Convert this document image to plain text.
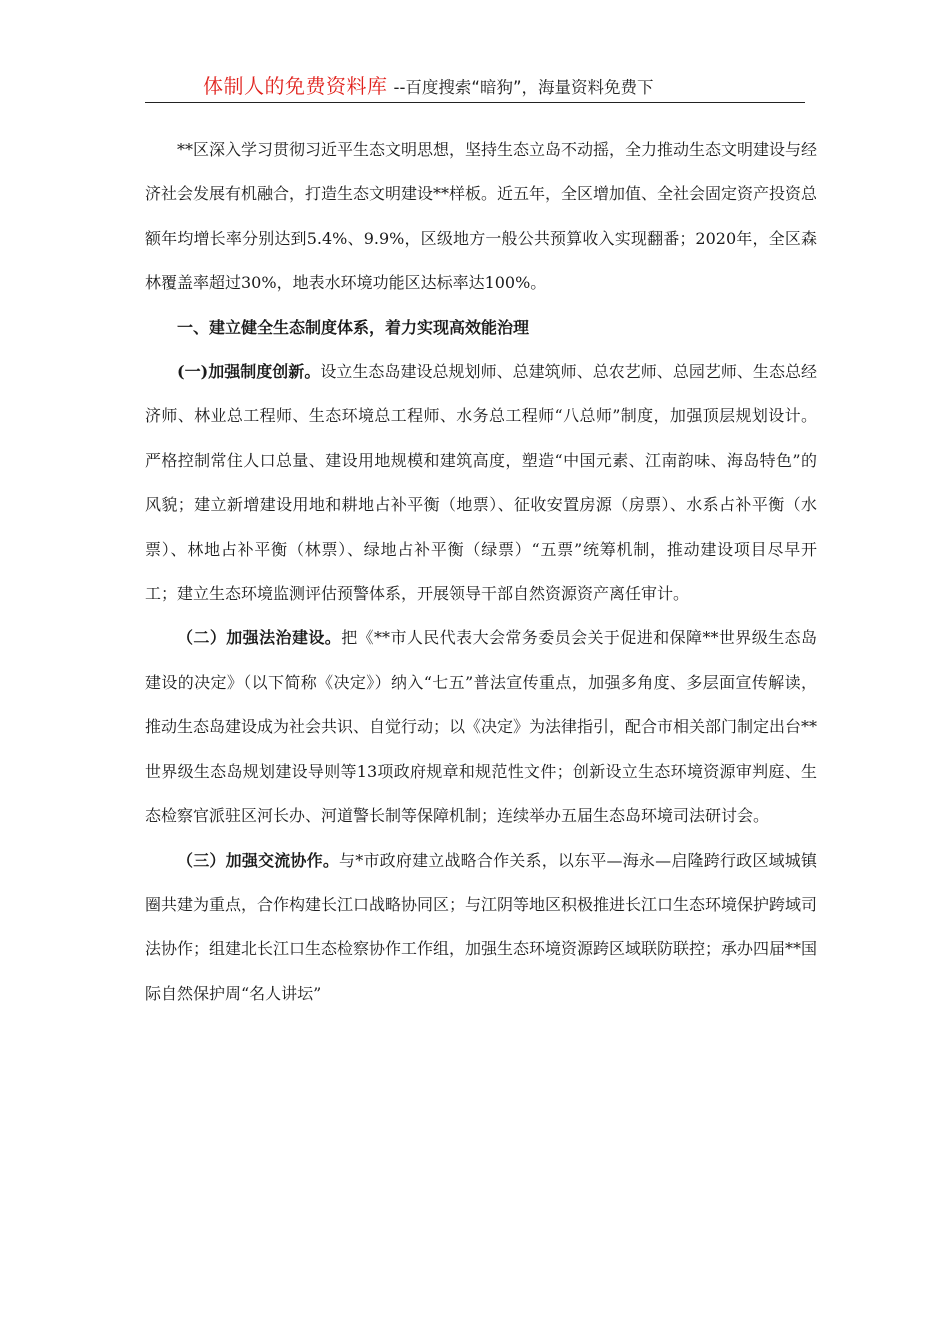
体制人的免费资料库 --百度搜索“暗狗”，海量资料免费下

**区深入学习贯彻习近平生态文明思想，坚持生态立岛不动摇，全力推动生态文明建设与经济社会发展有机融合，打造生态文明建设**样板。近五年，全区增加值、全社会固定资产投资总额年均增长率分别达到5.4%、9.9%，区级地方一般公共预算收入实现翻番；2020年，全区森林覆盖率超过30%，地表水环境功能区达标率达100%。

一、建立健全生态制度体系，着力实现高效能治理

(一)加强制度创新。设立生态岛建设总规划师、总建筑师、总农艺师、总园艺师、生态总经济师、林业总工程师、生态环境总工程师、水务总工程师“八总师”制度，加强顶层规划设计。严格控制常住人口总量、建设用地规模和建筑高度，塑造“中国元素、江南韵味、海岛特色”的风貌；建立新增建设用地和耕地占补平衡（地票）、征收安置房源（房票）、水系占补平衡（水票）、林地占补平衡（林票）、绿地占补平衡（绿票）“五票”统筹机制，推动建设项目尽早开工；建立生态环境监测评估预警体系，开展领导干部自然资源资产离任审计。

（二）加强法治建设。把《**市人民代表大会常务委员会关于促进和保障**世界级生态岛建设的决定》（以下简称《决定》）纳入“七五”普法宣传重点，加强多角度、多层面宣传解读，推动生态岛建设成为社会共识、自觉行动；以《决定》为法律指引，配合市相关部门制定出台**世界级生态岛规划建设导则等13项政府规章和规范性文件；创新设立生态环境资源审判庭、生态检察官派驻区河长办、河道警长制等保障机制；连续举办五届生态岛环境司法研讨会。

（三）加强交流协作。与*市政府建立战略合作关系，以东平—海永—启隆跨行政区域城镇圈共建为重点，合作构建长江口战略协同区；与江阴等地区积极推进长江口生态环境保护跨域司法协作；组建北长江口生态检察协作工作组，加强生态环境资源跨区域联防联控；承办四届**国际自然保护周“名人讲坛”
